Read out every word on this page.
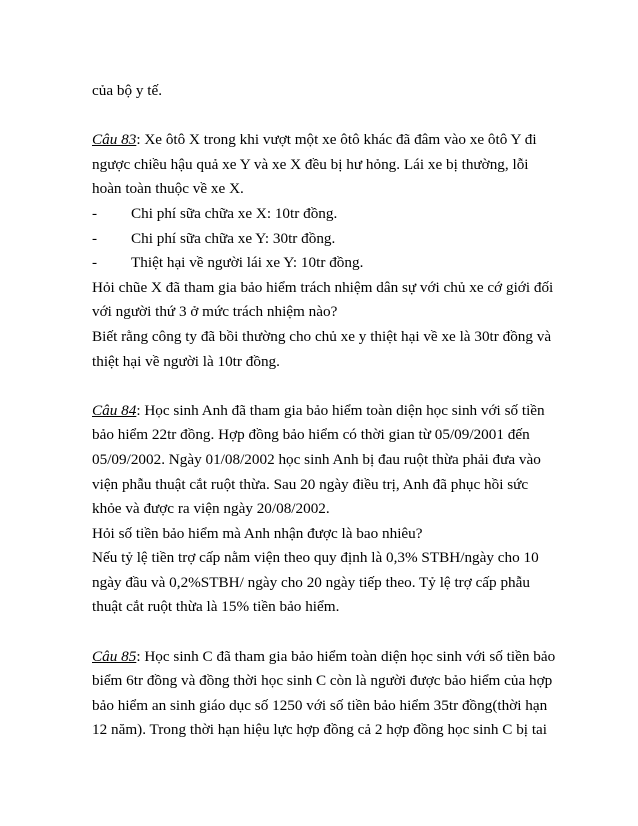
của bộ y tế.
Câu 83: Xe ôtô X trong khi vượt một xe ôtô khác đã đâm vào xe ôtô Y đi
ngược chiều hậu quả xe Y và xe X đều bị hư hỏng. Lái xe bị thường, lỗi
hoàn toàn thuộc về xe X.
- Chi phí sữa chữa xe X: 10tr đồng.
- Chi phí sữa chữa xe Y: 30tr đồng.
- Thiệt hại về người lái xe Y: 10tr đồng.
Hỏi chũe X đã tham gia bảo hiểm trách nhiệm dân sự với chủ xe cớ giới đối
với người thứ 3 ở mức trách nhiệm nào?
Biết rằng công ty đã bồi thường cho chủ xe y thiệt hại về xe là 30tr đồng và
thiệt hại về người là 10tr đồng.
Câu 84: Học sinh Anh đã tham gia bảo hiểm toàn diện học sinh với số tiền
bảo hiểm 22tr đồng. Hợp đồng bảo hiểm có thời gian từ 05/09/2001 đến
05/09/2002. Ngày 01/08/2002 học sinh Anh bị đau ruột thừa phải đưa vào
viện phẫu thuật cắt ruột thừa. Sau 20 ngày điều trị, Anh đã phục hồi sức
khỏe và được ra viện ngày 20/08/2002.
Hỏi số tiền bảo hiểm mà Anh nhận được là bao nhiêu?
Nếu tỷ lệ tiền trợ cấp nằm viện theo quy định là 0,3% STBH/ngày cho 10
ngày đầu và 0,2%STBH/ ngày cho 20 ngày tiếp theo. Tỷ lệ trợ cấp phẫu
thuật cắt ruột thừa là 15% tiền bảo hiểm.
Câu 85: Học sinh C đã tham gia bảo hiểm toàn diện học sinh với số tiền bảo
biểm 6tr đồng và đồng thời học sinh C còn là người được bảo hiểm của hợp
bảo hiểm an sinh giáo dục số 1250 với số tiền bảo hiểm 35tr đồng(thời hạn
12 năm). Trong thời hạn hiệu lực hợp đồng cả 2 hợp đồng học sinh C bị tai
